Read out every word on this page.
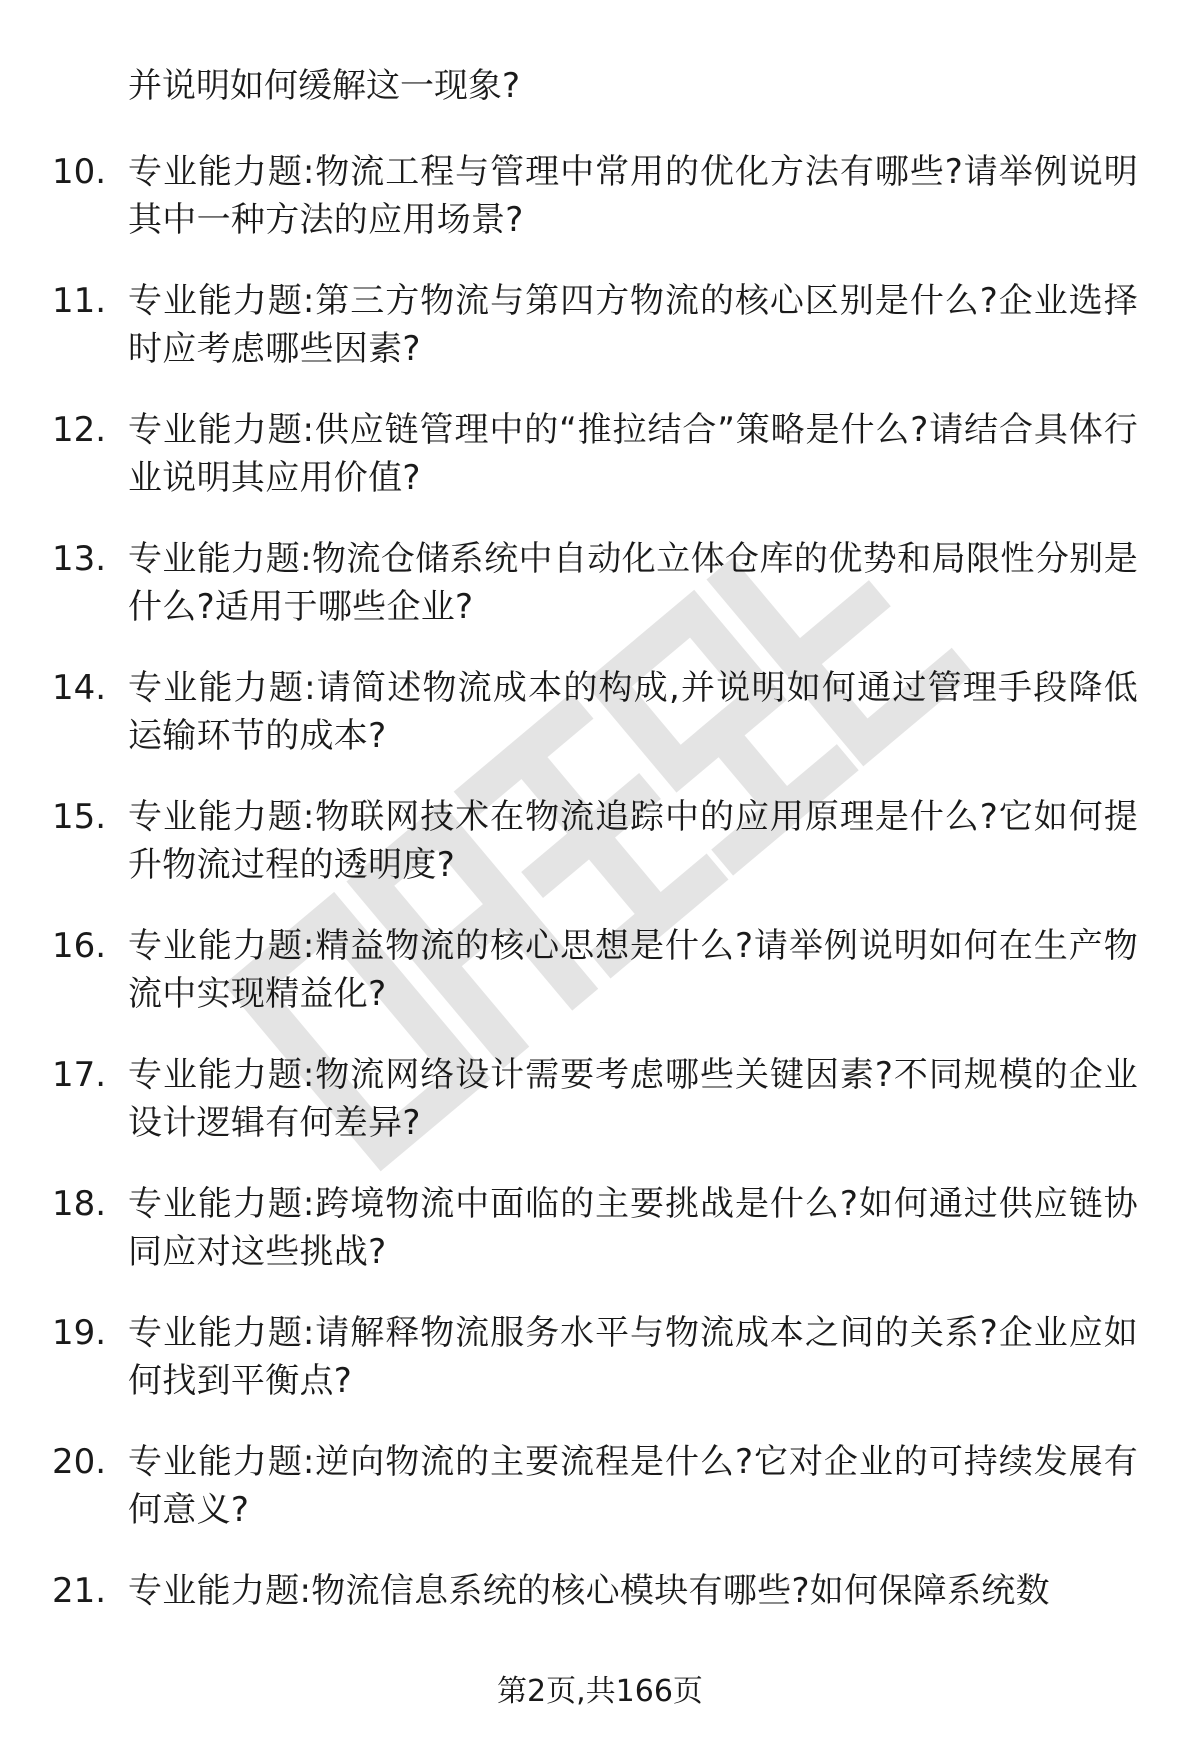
并说明如何缓解这一现象?
10. 专业能力题:物流工程与管理中常用的优化方法有哪些?请举例说明其中一种方法的应用场景?
11. 专业能力题:第三方物流与第四方物流的核心区别是什么?企业选择时应考虑哪些因素?
12. 专业能力题:供应链管理中的“推拉结合”策略是什么?请结合具体行业说明其应用价值?
13. 专业能力题:物流仓储系统中自动化立体仓库的优势和局限性分别是什么?适用于哪些企业?
14. 专业能力题:请简述物流成本的构成,并说明如何通过管理手段降低运输环节的成本?
15. 专业能力题:物联网技术在物流追踪中的应用原理是什么?它如何提升物流过程的透明度?
16. 专业能力题:精益物流的核心思想是什么?请举例说明如何在生产物流中实现精益化?
17. 专业能力题:物流网络设计需要考虑哪些关键因素?不同规模的企业设计逻辑有何差异?
18. 专业能力题:跨境物流中面临的主要挑战是什么?如何通过供应链协同应对这些挑战?
19. 专业能力题:请解释物流服务水平与物流成本之间的关系?企业应如何找到平衡点?
20. 专业能力题:逆向物流的主要流程是什么?它对企业的可持续发展有何意义?
21. 专业能力题:物流信息系统的核心模块有哪些?如何保障系统数
第2页,共166页
